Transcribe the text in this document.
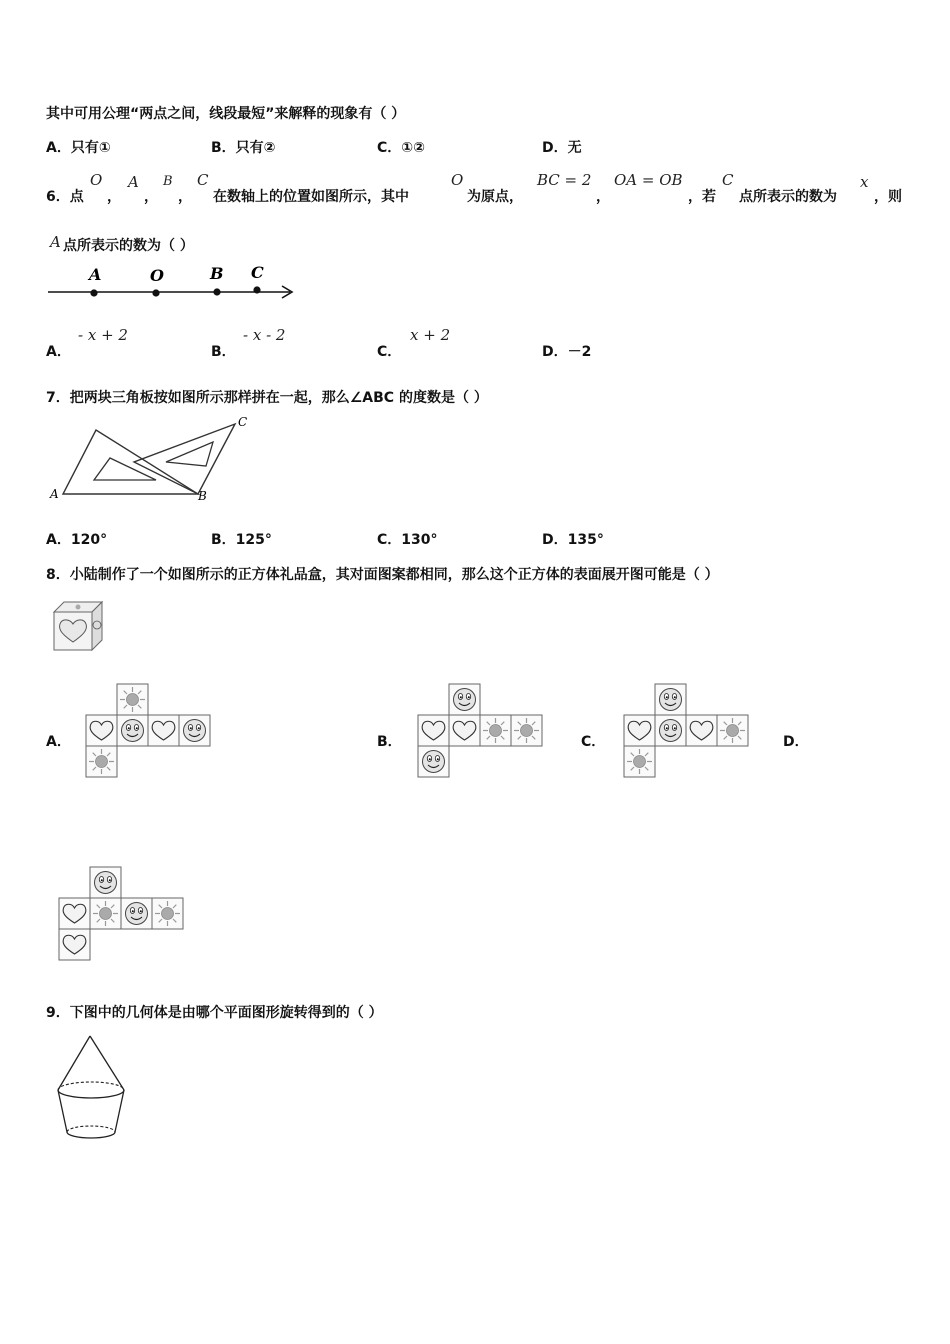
其中可用公理“两点之间，线段最短”来解释的现象有（ ）
A．只有①	B．只有②	C．①②	D．无
6．点
O
，
A
，
B
，
C
在数轴上的位置如图所示，其中
O
为原点，
BC = 2
，
OA = OB
，若
C
点所表示的数为
x
，则
A 点所表示的数为（ ）
A	O	B C
A．
- x + 2
B．
- x - 2
C．
x + 2
D．－2
7．把两块三角板按如图所示那样拼在一起，那么∠ABC 的度数是（ ）
A	B
C
A．120°	B．125°	C．130°	D．135°
8．小陆制作了一个如图所示的正方体礼品盒，其对面图案都相同，那么这个正方体的表面展开图可能是（ ）
A．	B．	C．	D．
9．下图中的几何体是由哪个平面图形旋转得到的（ ）
